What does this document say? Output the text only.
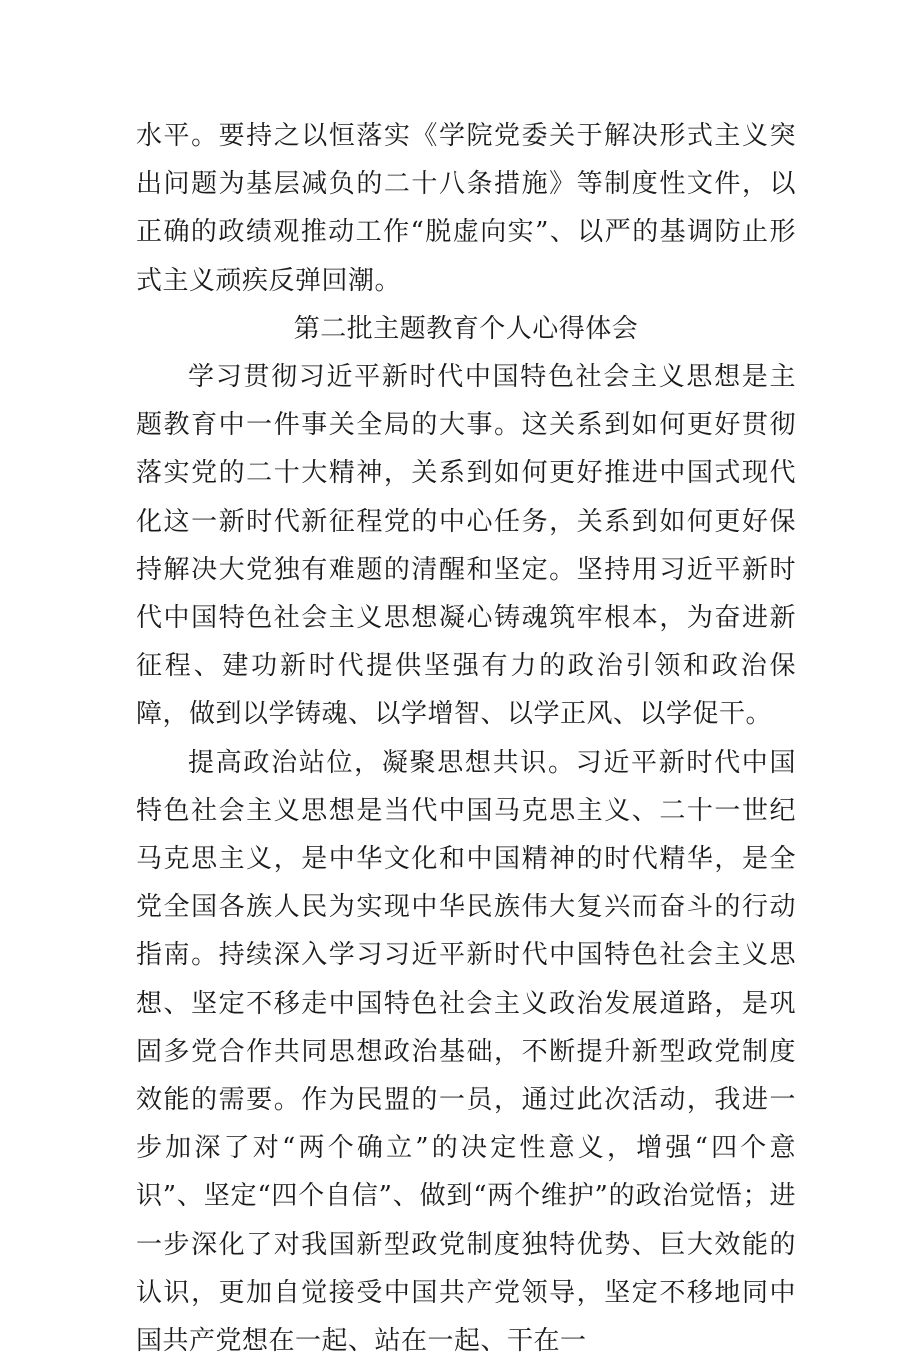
水平。要持之以恒落实《学院党委关于解决形式主义突出问题为基层减负的二十八条措施》等制度性文件，以正确的政绩观推动工作“脱虚向实”、以严的基调防止形式主义顽疾反弹回潮。

第二批主题教育个人心得体会

学习贯彻习近平新时代中国特色社会主义思想是主题教育中一件事关全局的大事。这关系到如何更好贯彻落实党的二十大精神，关系到如何更好推进中国式现代化这一新时代新征程党的中心任务，关系到如何更好保持解决大党独有难题的清醒和坚定。坚持用习近平新时代中国特色社会主义思想凝心铸魂筑牢根本，为奋进新征程、建功新时代提供坚强有力的政治引领和政治保障，做到以学铸魂、以学增智、以学正风、以学促干。

提高政治站位，凝聚思想共识。习近平新时代中国特色社会主义思想是当代中国马克思主义、二十一世纪马克思主义，是中华文化和中国精神的时代精华，是全党全国各族人民为实现中华民族伟大复兴而奋斗的行动指南。持续深入学习习近平新时代中国特色社会主义思想、坚定不移走中国特色社会主义政治发展道路，是巩固多党合作共同思想政治基础，不断提升新型政党制度效能的需要。作为民盟的一员，通过此次活动，我进一步加深了对“两个确立”的决定性意义，增强“四个意识”、坚定“四个自信”、做到“两个维护”的政治觉悟；进一步深化了对我国新型政党制度独特优势、巨大效能的认识，更加自觉接受中国共产党领导，坚定不移地同中国共产党想在一起、站在一起、干在一
